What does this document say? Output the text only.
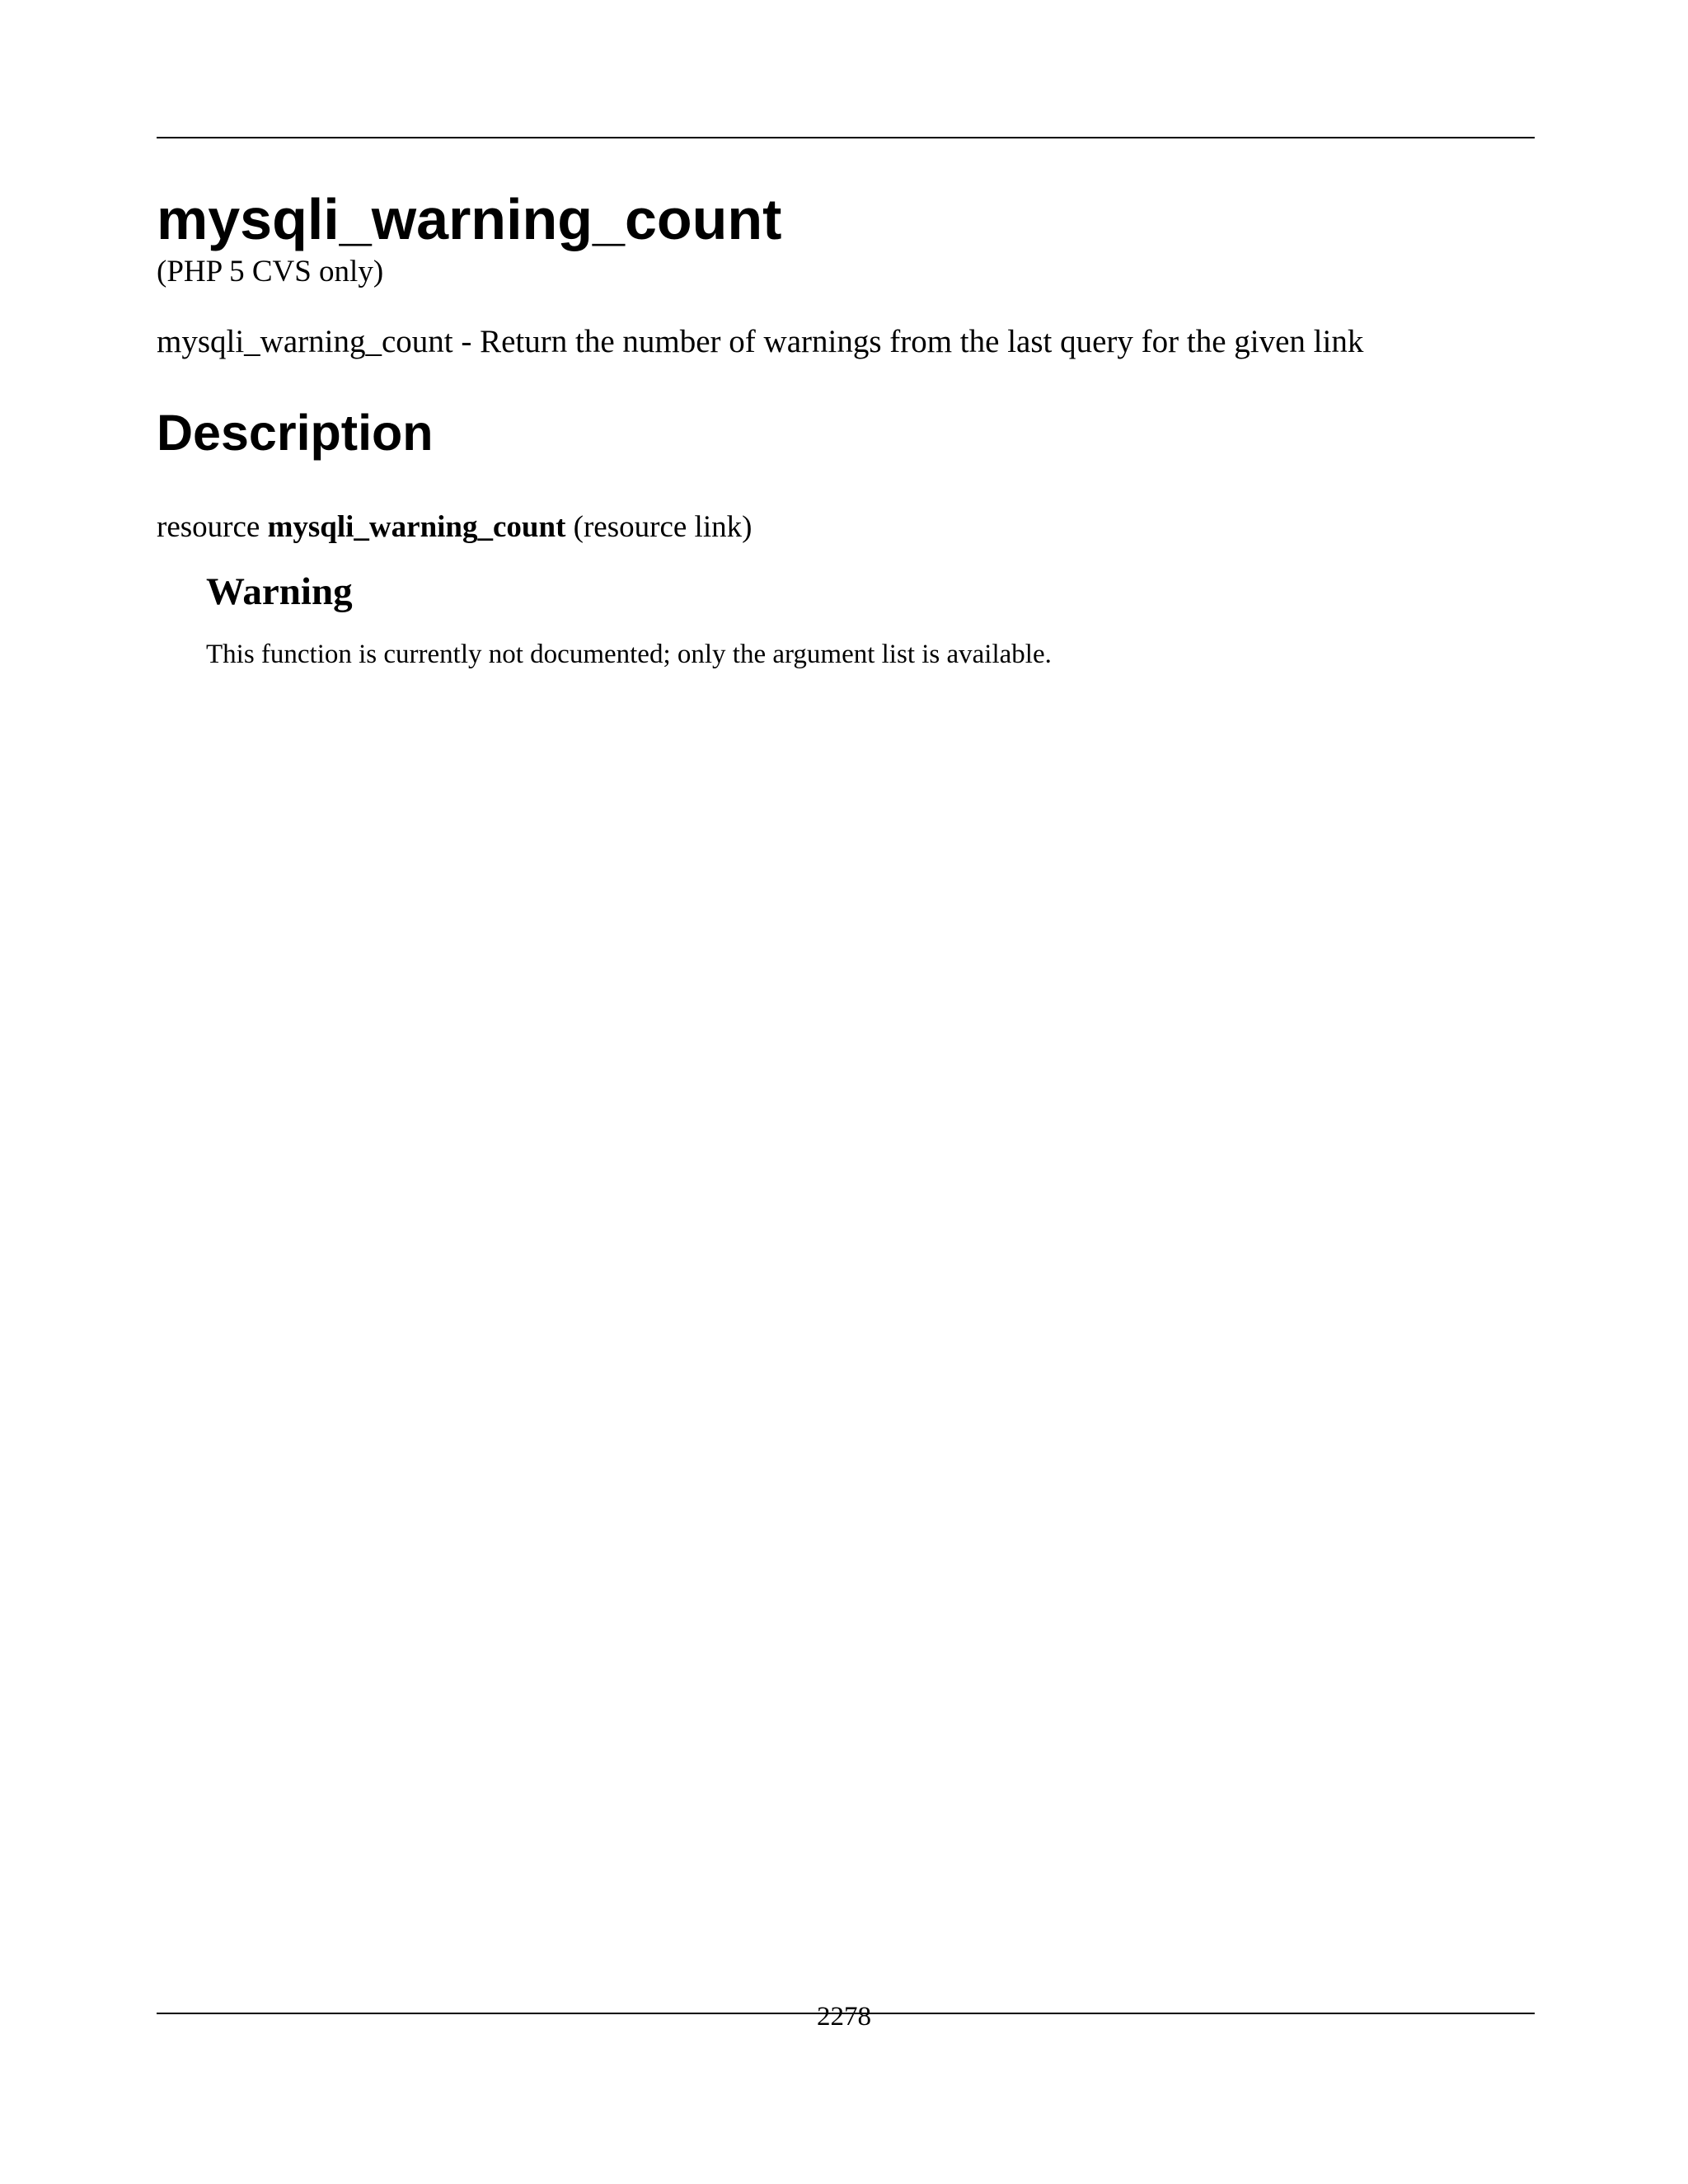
mysqli_warning_count

(PHP 5 CVS only)

mysqli_warning_count - Return the number of warnings from the last query for the given link

Description

resource mysqli_warning_count (resource link)

Warning

This function is currently not documented; only the argument list is available.

2278
